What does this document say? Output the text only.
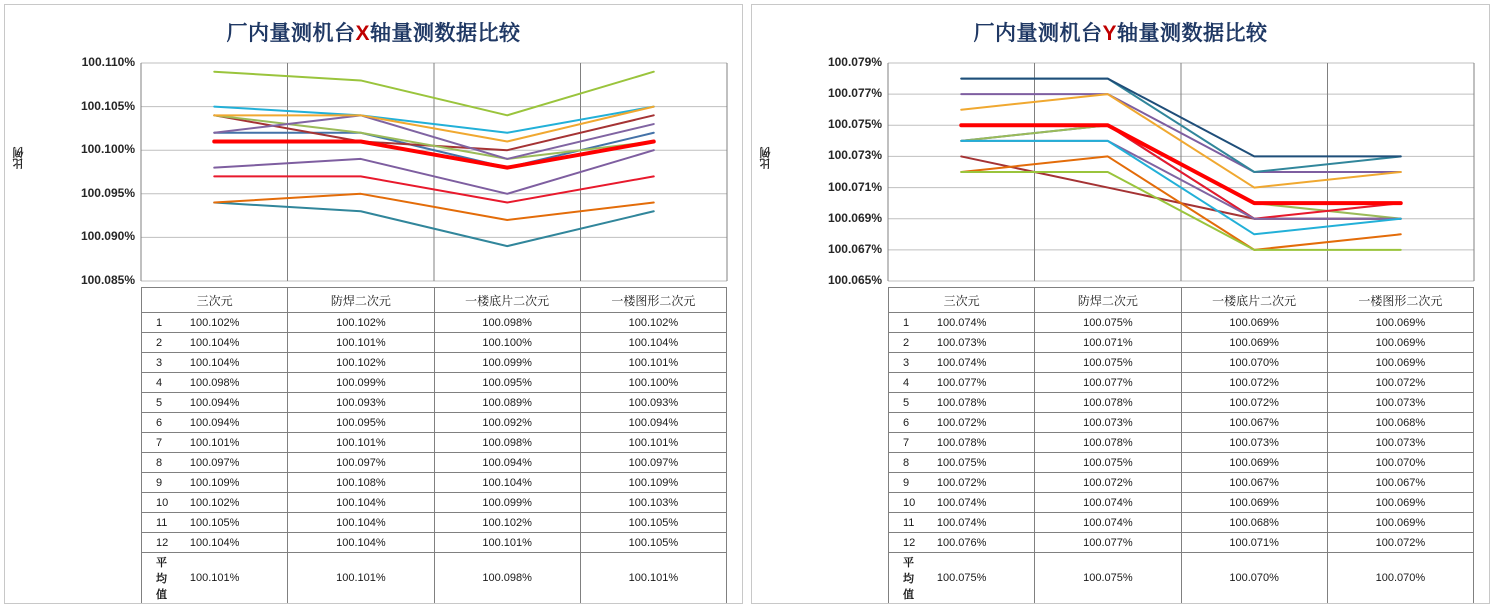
厂内量测机台X轴量测数据比较
比例
100.085%
100.090%
100.095%
100.100%
100.105%
100.110%
	三次元	防焊二次元	一楼底片二次元	一楼图形二次元

1	100.102%	100.102%	100.098%	100.102%

2	100.104%	100.101%	100.100%	100.104%

3	100.104%	100.102%	100.099%	100.101%

4	100.098%	100.099%	100.095%	100.100%

5	100.094%	100.093%	100.089%	100.093%

6	100.094%	100.095%	100.092%	100.094%

7	100.101%	100.101%	100.098%	100.101%

8	100.097%	100.097%	100.094%	100.097%

9	100.109%	100.108%	100.104%	100.109%

10	100.102%	100.104%	100.099%	100.103%

11	100.105%	100.104%	100.102%	100.105%

12	100.104%	100.104%	100.101%	100.105%

平均值	100.101%	100.101%	100.098%	100.101%
厂内量测机台Y轴量测数据比较
比例
100.065%
100.067%
100.069%
100.071%
100.073%
100.075%
100.077%
100.079%
	三次元	防焊二次元	一楼底片二次元	一楼图形二次元

1	100.074%	100.075%	100.069%	100.069%

2	100.073%	100.071%	100.069%	100.069%

3	100.074%	100.075%	100.070%	100.069%

4	100.077%	100.077%	100.072%	100.072%

5	100.078%	100.078%	100.072%	100.073%

6	100.072%	100.073%	100.067%	100.068%

7	100.078%	100.078%	100.073%	100.073%

8	100.075%	100.075%	100.069%	100.070%

9	100.072%	100.072%	100.067%	100.067%

10	100.074%	100.074%	100.069%	100.069%

11	100.074%	100.074%	100.068%	100.069%

12	100.076%	100.077%	100.071%	100.072%

平均值	100.075%	100.075%	100.070%	100.070%
